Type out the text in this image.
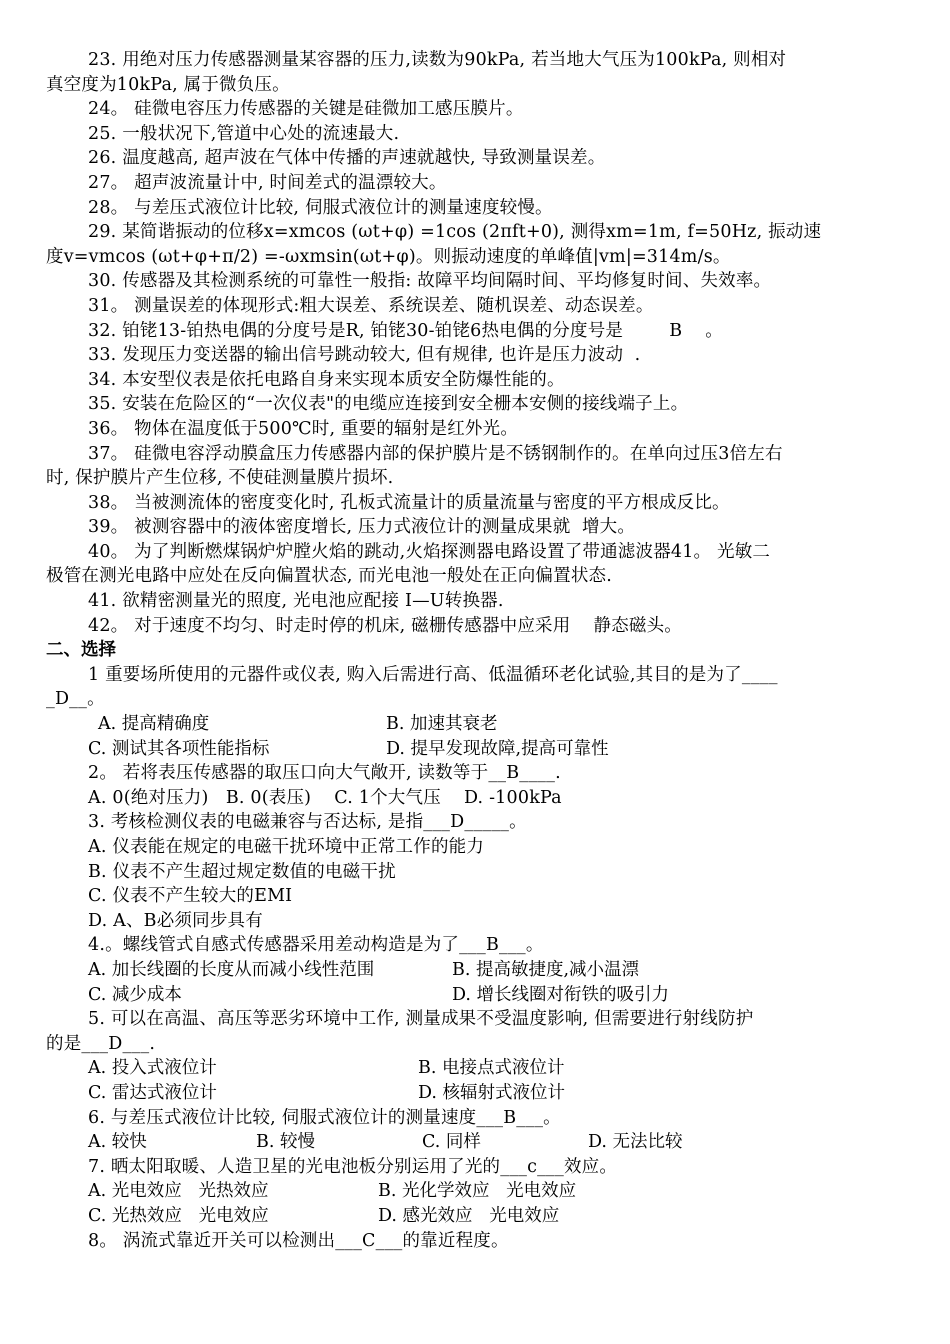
23. 用绝对压力传感器测量某容器的压力,读数为90kPa, 若当地大气压为100kPa, 则相对
真空度为10kPa, 属于微负压。
24。 硅微电容压力传感器的关键是硅微加工感压膜片。
25. 一般状况下,管道中心处的流速最大.
26. 温度越高, 超声波在气体中传播的声速就越快, 导致测量误差。
27。 超声波流量计中, 时间差式的温漂较大。
28。 与差压式液位计比较, 伺服式液位计的测量速度较慢。
29. 某简谐振动的位移x=xmcos (ωt+φ) =1cos (2πft+0), 测得xm=1m, f=50Hz, 振动速
度v=vmcos (ωt+φ+π/2) =-ωxmsin(ωt+φ)。则振动速度的单峰值|vm|=314m/s。
30. 传感器及其检测系统的可靠性一般指: 故障平均间隔时间、平均修复时间、失效率。
31。 测量误差的体现形式:粗大误差、系统误差、随机误差、动态误差。
32. 铂铑13-铂热电偶的分度号是R, 铂铑30-铂铑6热电偶的分度号是        B    。
33. 发现压力变送器的输出信号跳动较大, 但有规律, 也许是压力波动  .
34. 本安型仪表是依托电路自身来实现本质安全防爆性能的。
35. 安装在危险区的“一次仪表"的电缆应连接到安全栅本安侧的接线端子上。
36。 物体在温度低于500℃时, 重要的辐射是红外光。
37。 硅微电容浮动膜盒压力传感器内部的保护膜片是不锈钢制作的。在单向过压3倍左右
时, 保护膜片产生位移, 不使硅测量膜片损坏.
38。 当被测流体的密度变化时, 孔板式流量计的质量流量与密度的平方根成反比。
39。 被测容器中的液体密度增长, 压力式液位计的测量成果就  增大。
40。 为了判断燃煤锅炉炉膛火焰的跳动,火焰探测器电路设置了带通滤波器41。 光敏二
极管在测光电路中应处在反向偏置状态, 而光电池一般处在正向偏置状态.
41. 欲精密测量光的照度, 光电池应配接 I—U转换器.
42。 对于速度不均匀、时走时停的机床, 磁栅传感器中应采用    静态磁头。
二、选择
1 重要场所使用的元器件或仪表, 购入后需进行高、低温循环老化试验,其目的是为了____
_D__。
A. 提高精确度	B. 加速其衰老
C. 测试其各项性能指标	D. 提早发现故障,提高可靠性
2。 若将表压传感器的取压口向大气敞开, 读数等于__B____.
A. 0(绝对压力)   B. 0(表压)    C. 1个大气压    D. -100kPa
3. 考核检测仪表的电磁兼容与否达标, 是指___D_____。
A. 仪表能在规定的电磁干扰环境中正常工作的能力
B. 仪表不产生超过规定数值的电磁干扰
C. 仪表不产生较大的EMI
D. A、B必须同步具有
4.。螺线管式自感式传感器采用差动构造是为了___B___。
A. 加长线圈的长度从而减小线性范围	B. 提高敏捷度,减小温漂
C. 减少成本	D. 增长线圈对衔铁的吸引力
5. 可以在高温、高压等恶劣环境中工作, 测量成果不受温度影响, 但需要进行射线防护
的是___D___.
A. 投入式液位计	B. 电接点式液位计
C. 雷达式液位计	D. 核辐射式液位计
6. 与差压式液位计比较, 伺服式液位计的测量速度___B___。
A. 较快	B. 较慢	C. 同样	D. 无法比较
7. 晒太阳取暖、人造卫星的光电池板分别运用了光的___c___效应。
A. 光电效应   光热效应	B. 光化学效应   光电效应
C. 光热效应   光电效应	D. 感光效应   光电效应
8。 涡流式靠近开关可以检测出___C___的靠近程度。
